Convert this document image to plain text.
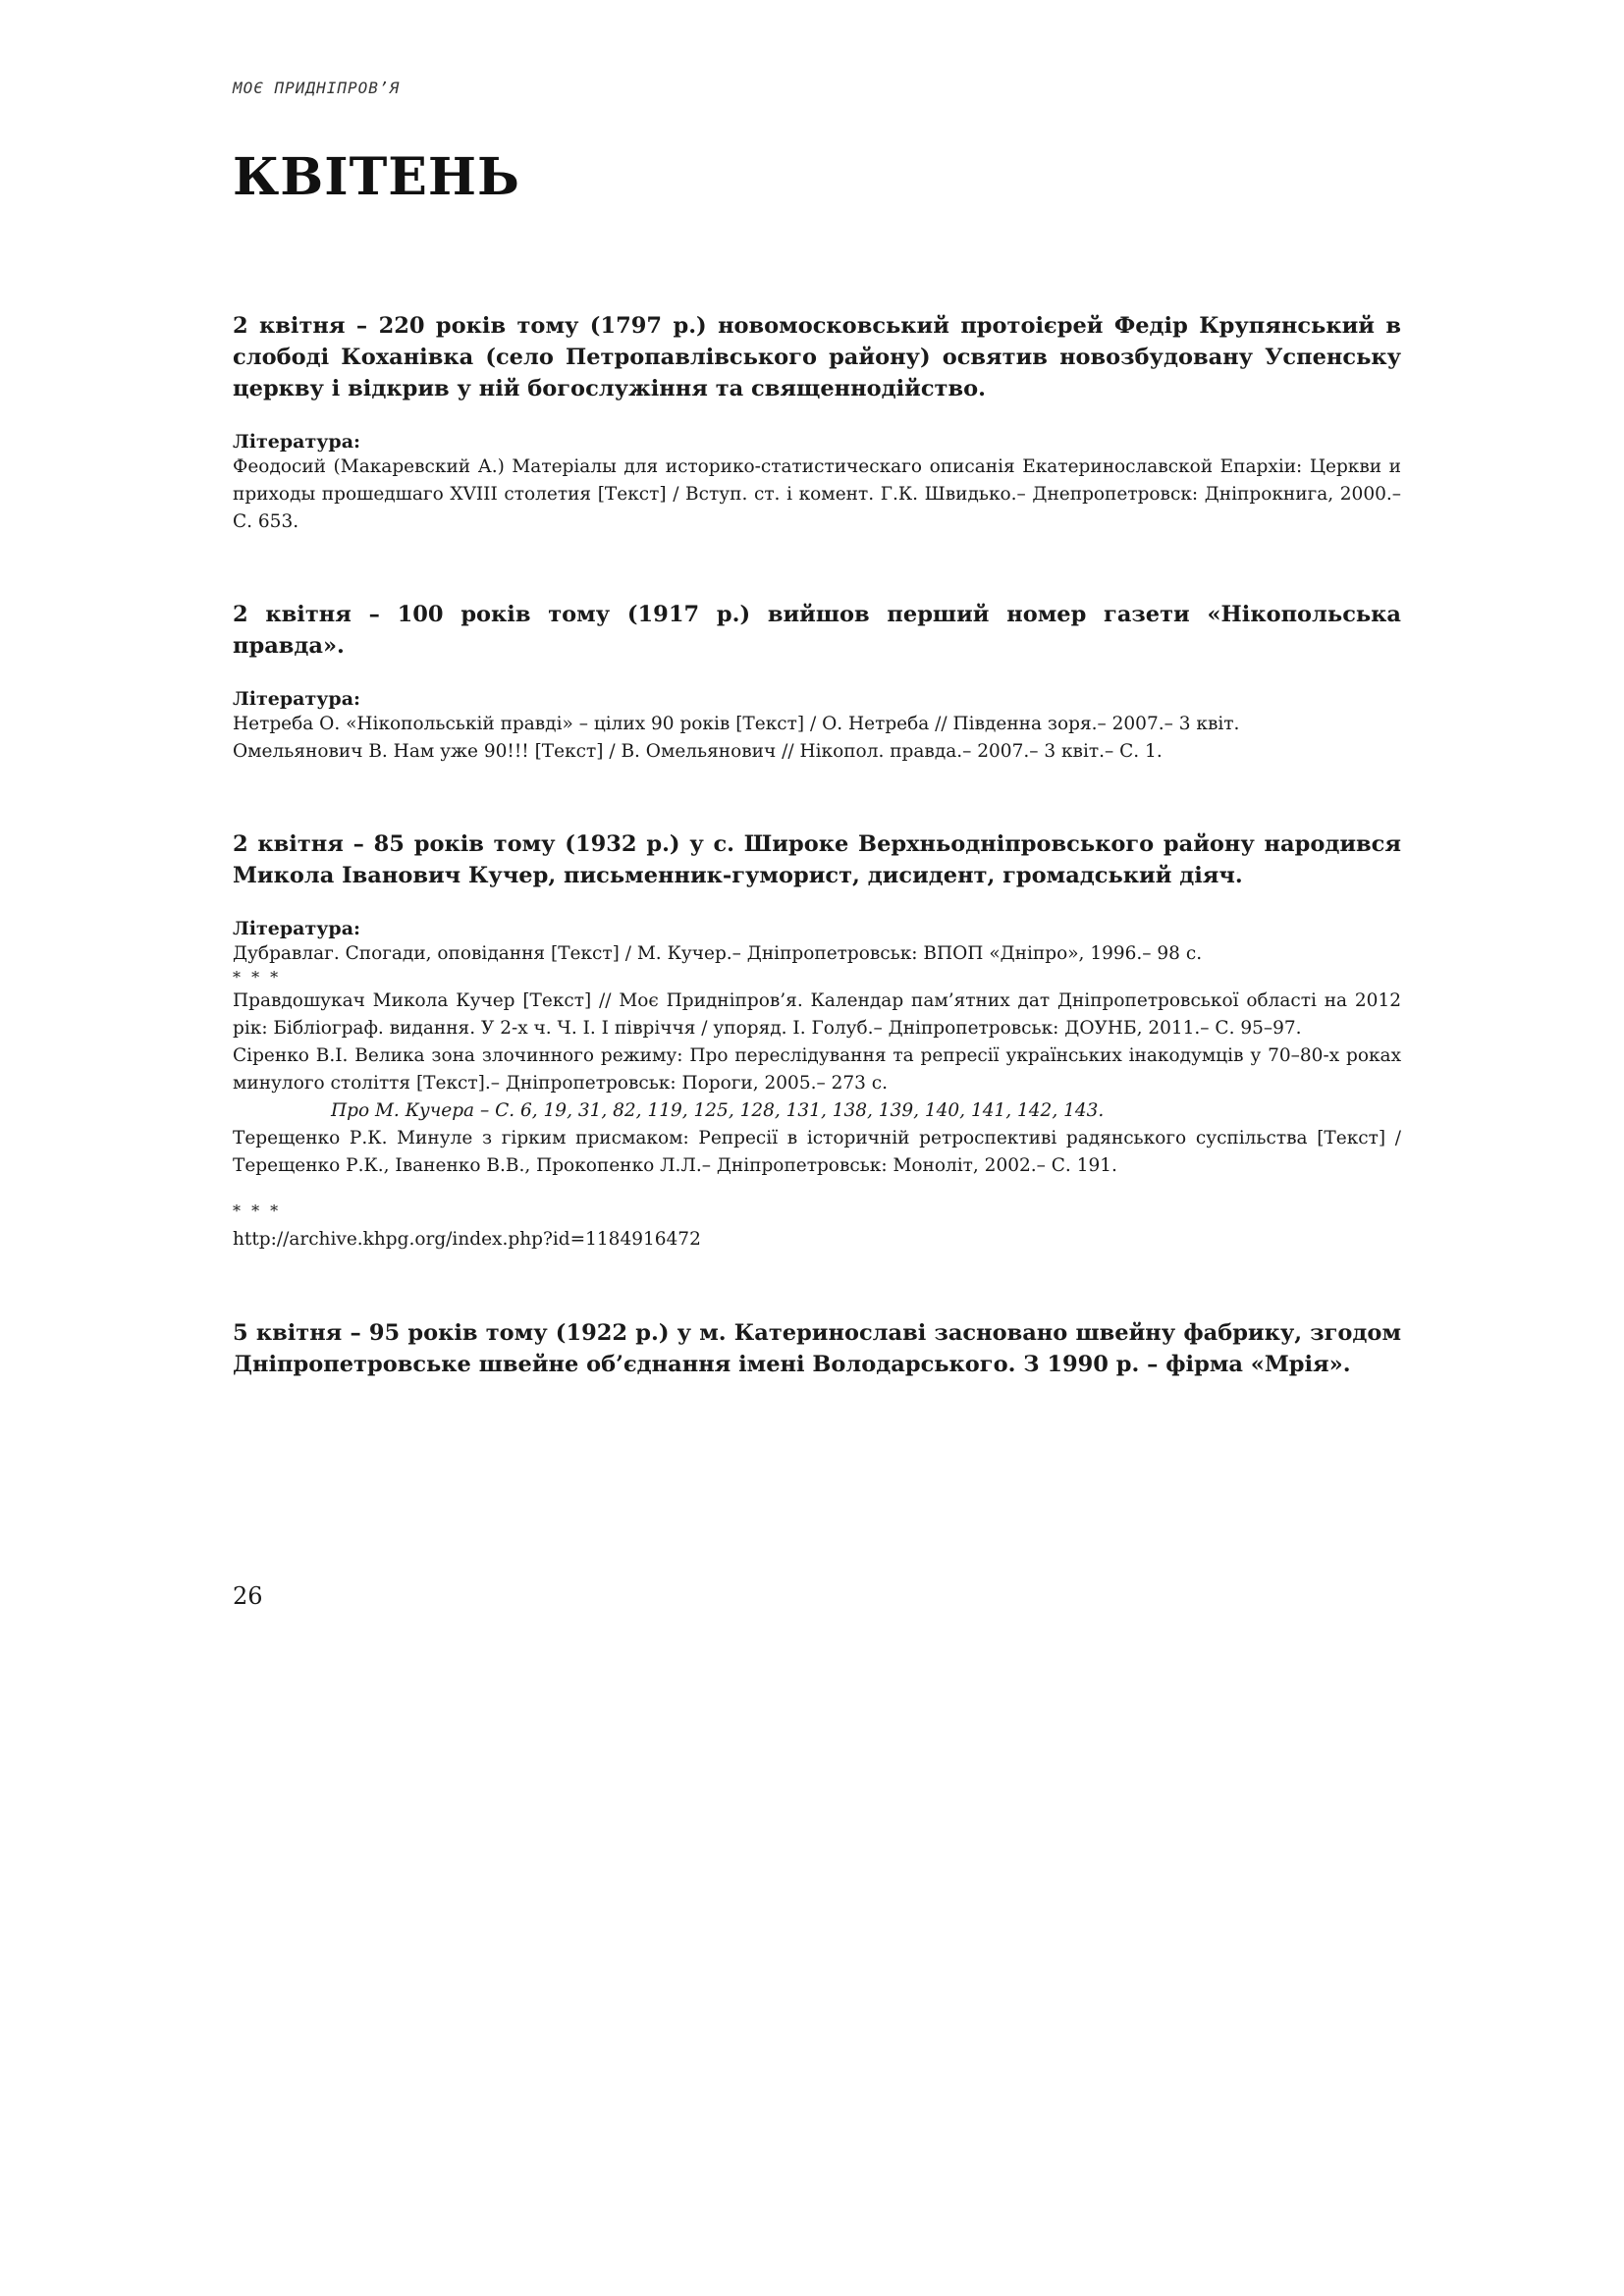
МОЄ ПРИДНІПРОВ’Я
КВІТЕНЬ

2 квітня – 220 років тому (1797 р.) новомосковський протоієрей Федір Крупянський в слободі Коханівка (село Петропавлівського району) освятив новозбудовану Успенську церкву і відкрив у ній богослужіння та священнодійство.

Література:

Феодосий (Макаревский А.) Матеріалы для историко-статистическаго описанія Екатеринославской Епархіи: Церкви и приходы прошедшаго XVIII столетия [Текст] / Вступ. ст. і комент. Г.К. Швидько.– Днепропетровск: Дніпрокнига, 2000.– С. 653.

2 квітня – 100 років тому (1917 р.) вийшов перший номер газети «Нікопольська правда».

Література:

Нетреба О. «Нікопольській правді» – цілих 90 років [Текст] / О. Нетреба // Південна зоря.– 2007.– 3 квіт.

Омельянович В. Нам уже 90!!! [Текст] / В. Омельянович // Нікопол. правда.– 2007.– 3 квіт.– С. 1.

2 квітня – 85 років тому (1932 р.) у с. Широке Верхньодніпровського району народився Микола Іванович Кучер, письменник-гуморист, дисидент, громадський діяч.

Література:

Дубравлаг. Спогади, оповідання [Текст] / М. Кучер.– Дніпропетровськ: ВПОП «Дніпро», 1996.– 98 с.

* * *

Правдошукач Микола Кучер [Текст] // Моє Придніпров’я. Календар пам’ятних дат Дніпропетровської області на 2012 рік: Бібліограф. видання. У 2-х ч. Ч. І. І півріччя / упоряд. І. Голуб.– Дніпропетровськ: ДОУНБ, 2011.– С. 95–97.

Сіренко В.І. Велика зона злочинного режиму: Про переслідування та репресії українських інакодумців у 70–80-х роках минулого століття [Текст].– Дніпропетровськ: Пороги, 2005.– 273 с.

Про М. Кучера – С. 6, 19, 31, 82, 119, 125, 128, 131, 138, 139, 140, 141, 142, 143.

Терещенко Р.К. Минуле з гірким присмаком: Репресії в історичній ретроспективі радянського суспільства [Текст] / Терещенко Р.К., Іваненко В.В., Прокопенко Л.Л.– Дніпропетровськ: Моноліт, 2002.– С. 191.

* * *

http://archive.khpg.org/index.php?id=1184916472

5 квітня – 95 років тому (1922 р.) у м. Катеринославі засновано швейну фабрику, згодом Дніпропетровське швейне об’єднання імені Володарського. З 1990 р. – фірма «Мрія».

26
